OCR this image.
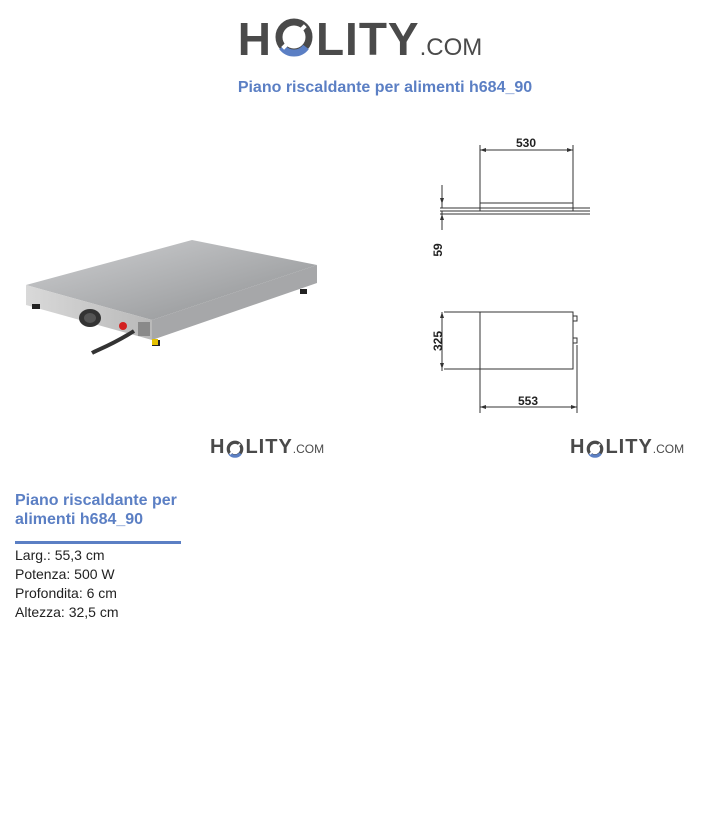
H LITY .COM
Piano riscaldante per alimenti h684_90
530
59
325
553
H LITY .COM	H LITY .COM
Piano riscaldante per alimenti h684_90
Larg.: 55,3 cm
Potenza: 500 W
Profondita: 6 cm
Altezza: 32,5 cm
